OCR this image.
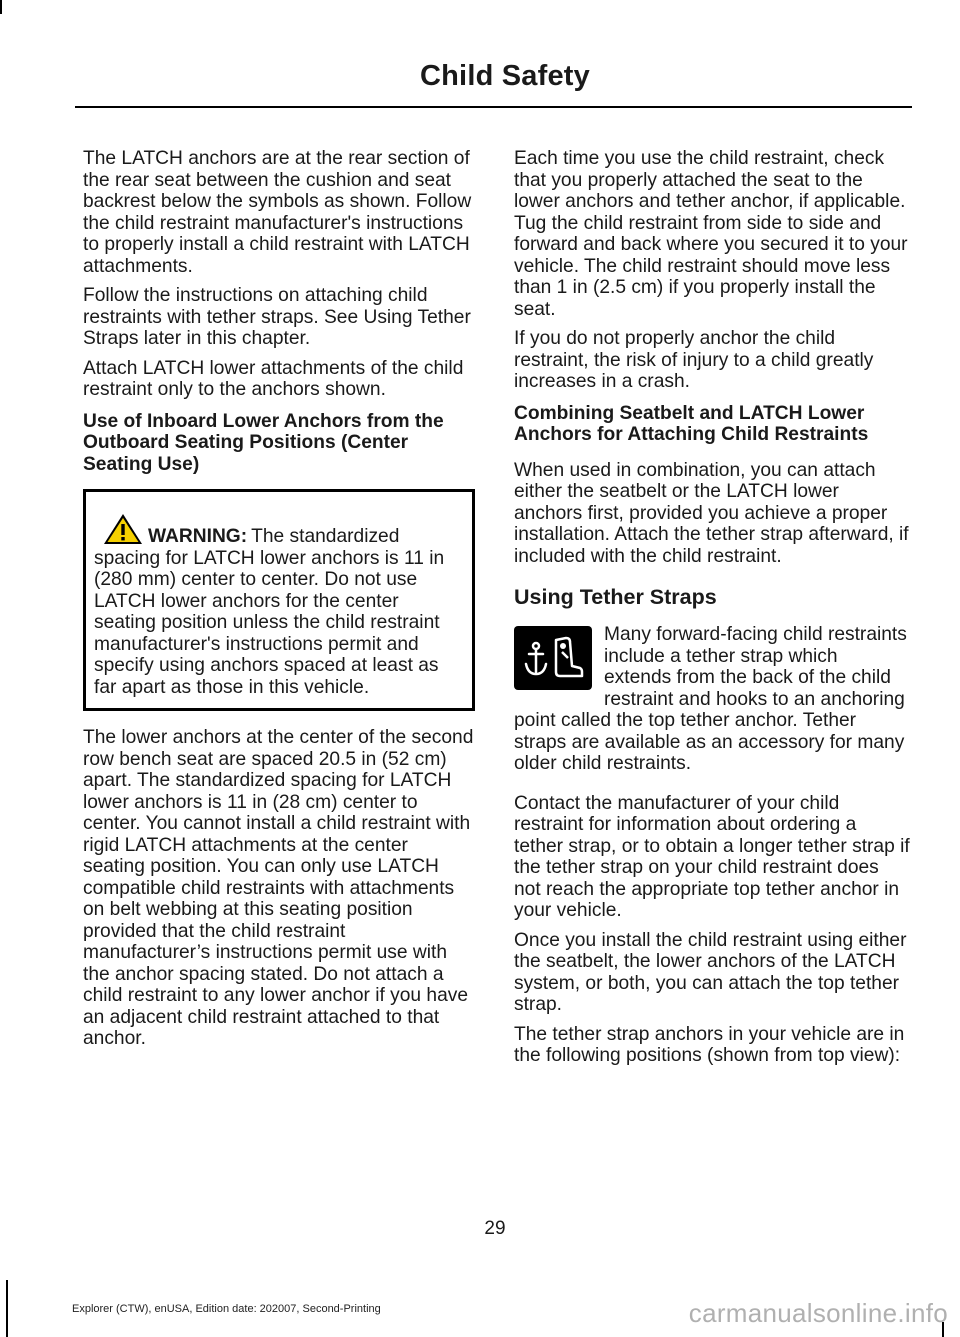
Child Safety

The LATCH anchors are at the rear section of the rear seat between the cushion and seat backrest below the symbols as shown. Follow the child restraint manufacturer's instructions to properly install a child restraint with LATCH attachments.

Follow the instructions on attaching child restraints with tether straps. See Using Tether Straps later in this chapter.

Attach LATCH lower attachments of the child restraint only to the anchors shown.

Use of Inboard Lower Anchors from the Outboard Seating Positions (Center Seating Use)
WARNING: The standardized spacing for LATCH lower anchors is 11 in (280 mm) center to center. Do not use LATCH lower anchors for the center seating position unless the child restraint manufacturer's instructions permit and specify using anchors spaced at least as far apart as those in this vehicle.

The lower anchors at the center of the second row bench seat are spaced 20.5 in (52 cm) apart. The standardized spacing for LATCH lower anchors is 11 in (28 cm) center to center. You cannot install a child restraint with rigid LATCH attachments at the center seating position. You can only use LATCH compatible child restraints with attachments on belt webbing at this seating position provided that the child restraint manufacturer’s instructions permit use with the anchor spacing stated. Do not attach a child restraint to any lower anchor if you have an adjacent child restraint attached to that anchor.

Each time you use the child restraint, check that you properly attached the seat to the lower anchors and tether anchor, if applicable. Tug the child restraint from side to side and forward and back where you secured it to your vehicle. The child restraint should move less than 1 in (2.5 cm) if you properly install the seat.

If you do not properly anchor the child restraint, the risk of injury to a child greatly increases in a crash.

Combining Seatbelt and LATCH Lower Anchors for Attaching Child Restraints

When used in combination, you can attach either the seatbelt or the LATCH lower anchors first, provided you achieve a proper installation. Attach the tether strap afterward, if included with the child restraint.

Using Tether Straps

Many forward-facing child restraints include a tether strap which extends from the back of the child restraint and hooks to an anchoring point called the top tether anchor. Tether straps are available as an accessory for many older child restraints.

Contact the manufacturer of your child restraint for information about ordering a tether strap, or to obtain a longer tether strap if the tether strap on your child restraint does not reach the appropriate top tether anchor in your vehicle.

Once you install the child restraint using either the seatbelt, the lower anchors of the LATCH system, or both, you can attach the top tether strap.

The tether strap anchors in your vehicle are in the following positions (shown from top view):

29
Explorer (CTW), enUSA, Edition date: 202007, Second-Printing	carmanualsonline.info
